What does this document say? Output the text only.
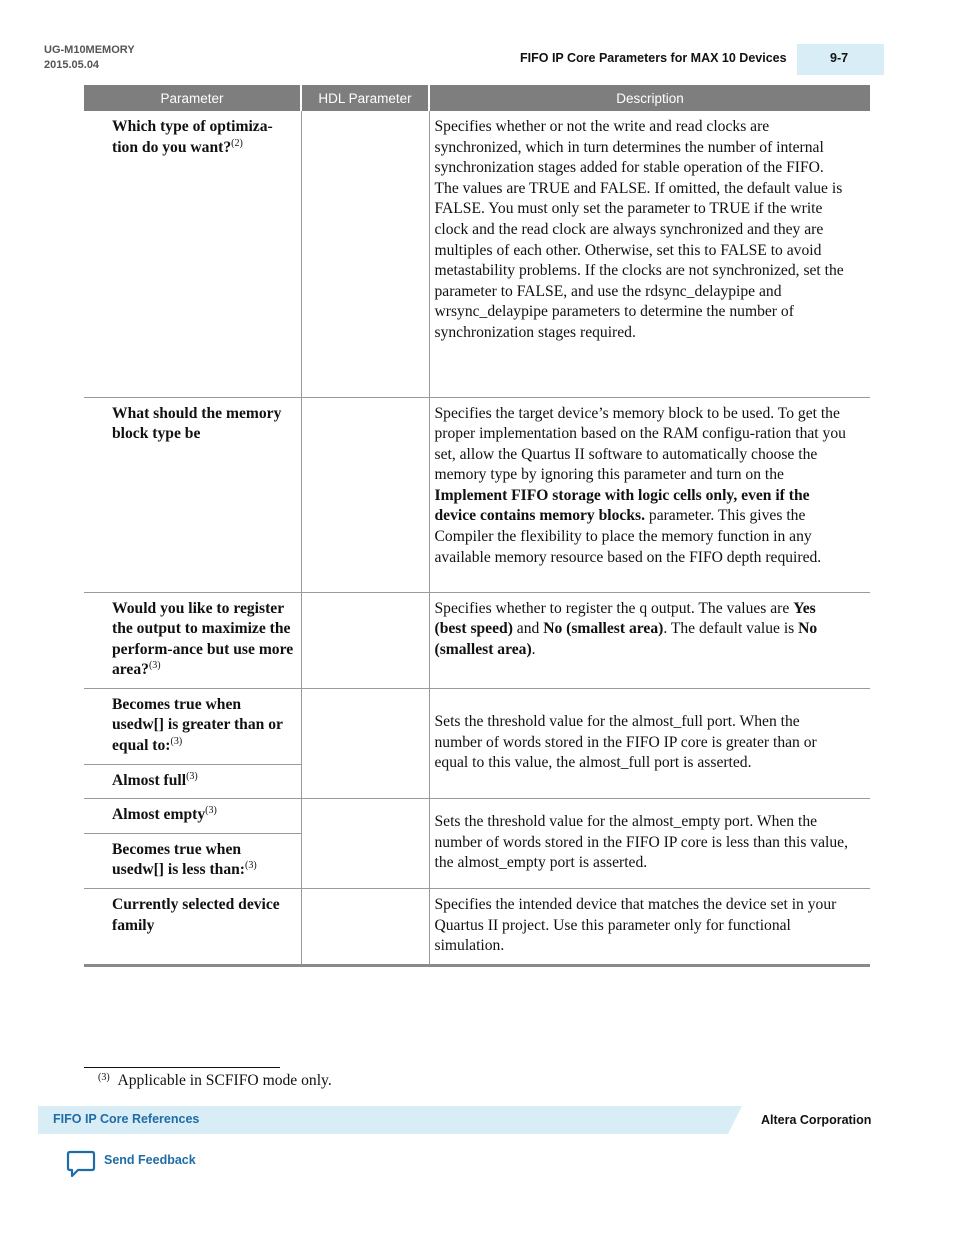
UG-M10MEMORY
2015.05.04	FIFO IP Core Parameters for MAX 10 Devices	9-7
Parameter	HDL Parameter	Description
Which type of optimiza-tion do you want?$^{(2)}$		Specifies whether or not the write and read clocks are synchronized, which in turn determines the number of internal synchronization stages added for stable operation of the FIFO. The values are TRUE and FALSE. If omitted, the default value is FALSE. You must only set the parameter to TRUE if the write clock and the read clock are always synchronized and they are multiples of each other. Otherwise, set this to FALSE to avoid metastability problems. If the clocks are not synchronized, set the parameter to FALSE, and use the rdsync_delaypipe and wrsync_delaypipe parameters to determine the number of synchronization stages required.
What should the memory block type be		Specifies the target device’s memory block to be used. To get the proper implementation based on the RAM configu-ration that you set, allow the Quartus II software to automatically choose the memory type by ignoring this parameter and turn on the Implement FIFO storage with logic cells only, even if the device contains memory blocks. parameter. This gives the Compiler the flexibility to place the memory function in any available memory resource based on the FIFO depth required.
Would you like to register the output to maximize the perform-ance but use more area?$^{(3)}$		Specifies whether to register the q output. The values are Yes (best speed) and No (smallest area). The default value is No (smallest area).
Becomes true when usedw[] is greater than or equal to:$^{(3)}$		Sets the threshold value for the almost_full port. When the number of words stored in the FIFO IP core is greater than or equal to this value, the almost_full port is asserted.
Almost full$^{(3)}$
Almost empty$^{(3)}$		Sets the threshold value for the almost_empty port. When the number of words stored in the FIFO IP core is less than this value, the almost_empty port is asserted.
Becomes true when usedw[] is less than:$^{(3)}$
Currently selected device family		Specifies the intended device that matches the device set in your Quartus II project. Use this parameter only for functional simulation.
$^{(3)}$ Applicable in SCFIFO mode only.
FIFO IP Core References	Altera Corporation
Send Feedback
